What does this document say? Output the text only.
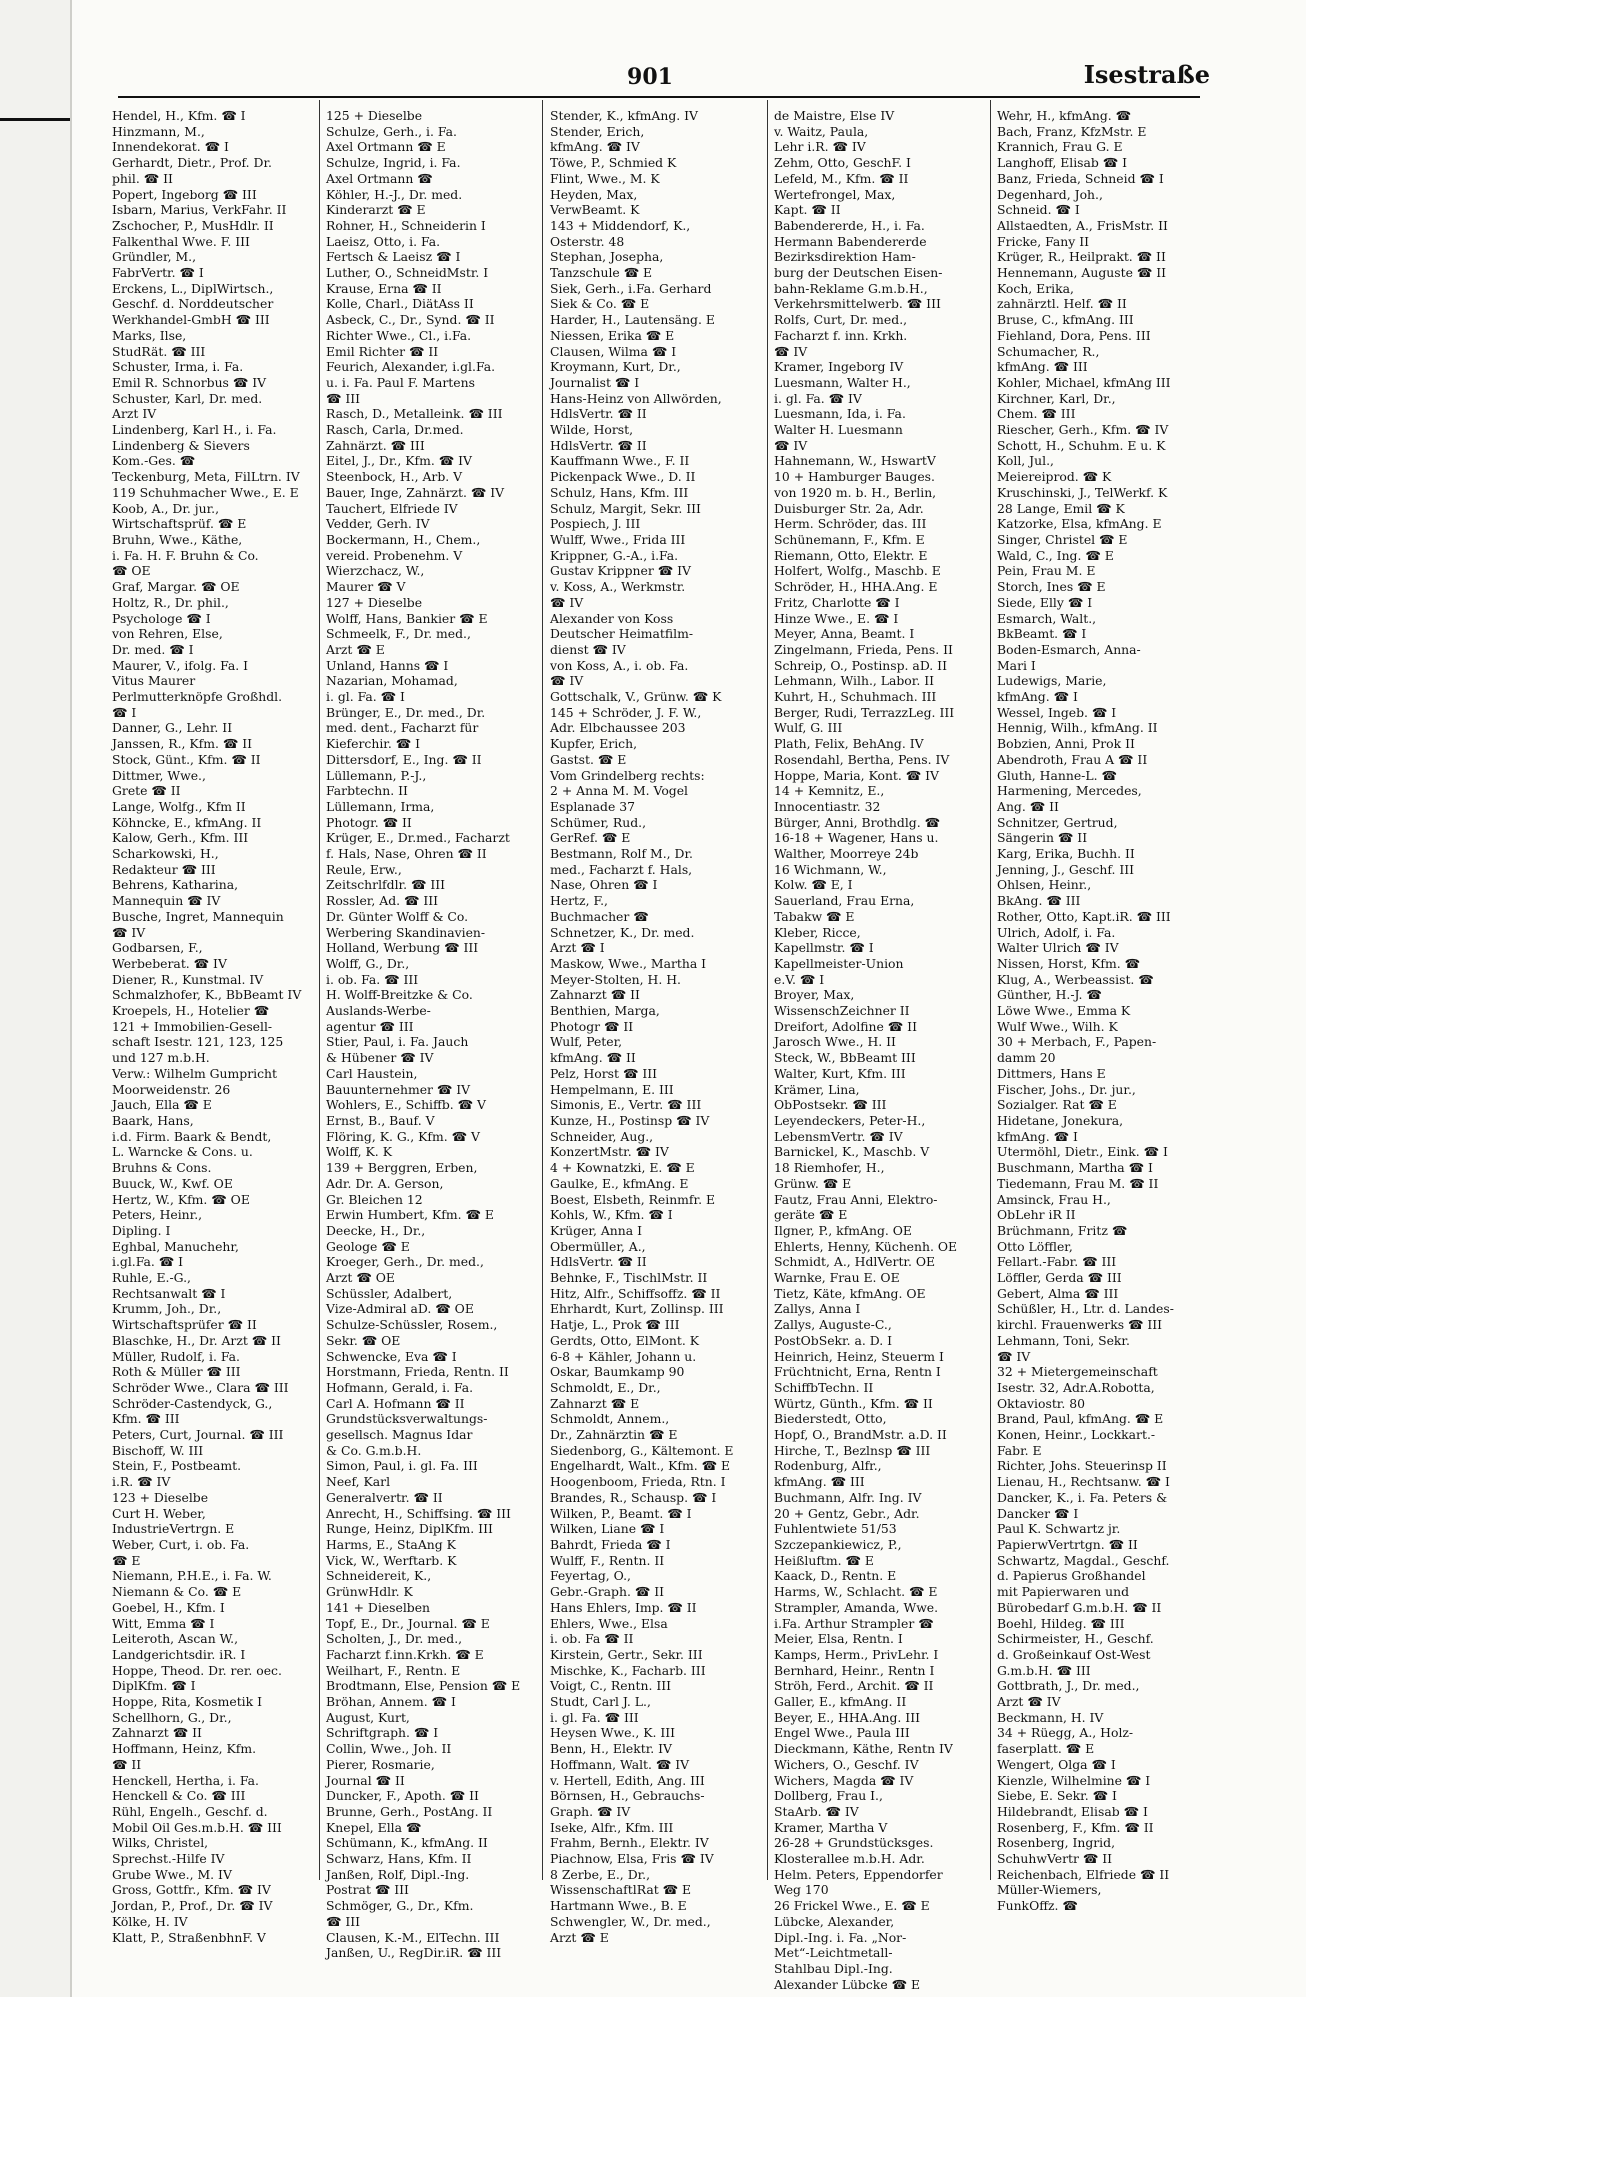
901	Isestraße
Hendel, H., Kfm. ☎ I
Hinzmann, M.,
Innendekorat. ☎ I
Gerhardt, Dietr., Prof. Dr.
phil. ☎ II
Popert, Ingeborg ☎ III
Isbarn, Marius, VerkFahr. II
Zschocher, P., MusHdlr. II
Falkenthal Wwe. F. III
Gründler, M.,
FabrVertr. ☎ I
Erckens, L., DiplWirtsch.,
Geschf. d. Norddeutscher
Werkhandel-GmbH ☎ III
Marks, Ilse,
StudRät. ☎ III
Schuster, Irma, i. Fa.
Emil R. Schnorbus ☎ IV
Schuster, Karl, Dr. med.
Arzt IV
Lindenberg, Karl H., i. Fa.
Lindenberg & Sievers
Kom.-Ges. ☎
Teckenburg, Meta, FilLtrn. IV
119 Schuhmacher Wwe., E. E
Koob, A., Dr. jur.,
Wirtschaftsprüf. ☎ E
Bruhn, Wwe., Käthe,
i. Fa. H. F. Bruhn & Co.
☎ OE
Graf, Margar. ☎ OE
Holtz, R., Dr. phil.,
Psychologe ☎ I
von Rehren, Else,
Dr. med. ☎ I
Maurer, V., ifolg. Fa. I
Vitus Maurer
Perlmutterknöpfe Großhdl.
☎ I
Danner, G., Lehr. II
Janssen, R., Kfm. ☎ II
Stock, Günt., Kfm. ☎ II
Dittmer, Wwe.,
Grete ☎ II
Lange, Wolfg., Kfm II
Köhncke, E., kfmAng. II
Kalow, Gerh., Kfm. III
Scharkowski, H.,
Redakteur ☎ III
Behrens, Katharina,
Mannequin ☎ IV
Busche, Ingret, Mannequin
☎ IV
Godbarsen, F.,
Werbeberat. ☎ IV
Diener, R., Kunstmal. IV
Schmalzhofer, K., BbBeamt IV
Kroepels, H., Hotelier ☎
121 + Immobilien-Gesell-
schaft Isestr. 121, 123, 125
und 127 m.b.H.
Verw.: Wilhelm Gumpricht
Moorweidenstr. 26
Jauch, Ella ☎ E
Baark, Hans,
i.d. Firm. Baark & Bendt,
L. Warncke & Cons. u.
Bruhns & Cons.
Buuck, W., Kwf. OE
Hertz, W., Kfm. ☎ OE
Peters, Heinr.,
Dipling. I
Eghbal, Manuchehr,
i.gl.Fa. ☎ I
Ruhle, E.-G.,
Rechtsanwalt ☎ I
Krumm, Joh., Dr.,
Wirtschaftsprüfer ☎ II
Blaschke, H., Dr. Arzt ☎ II
Müller, Rudolf, i. Fa.
Roth & Müller ☎ III
Schröder Wwe., Clara ☎ III
Schröder-Castendyck, G.,
Kfm. ☎ III
Peters, Curt, Journal. ☎ III
Bischoff, W. III
Stein, F., Postbeamt.
i.R. ☎ IV
123 + Dieselbe
Curt H. Weber,
IndustrieVertrgn. E
Weber, Curt, i. ob. Fa.
☎ E
Niemann, P.H.E., i. Fa. W.
Niemann & Co. ☎ E
Goebel, H., Kfm. I
Witt, Emma ☎ I
Leiteroth, Ascan W.,
Landgerichtsdir. iR. I
Hoppe, Theod. Dr. rer. oec.
DiplKfm. ☎ I
Hoppe, Rita, Kosmetik I
Schellhorn, G., Dr.,
Zahnarzt ☎ II
Hoffmann, Heinz, Kfm.
☎ II
Henckell, Hertha, i. Fa.
Henckell & Co. ☎ III
Rühl, Engelh., Geschf. d.
Mobil Oil Ges.m.b.H. ☎ III
Wilks, Christel,
Sprechst.-Hilfe IV
Grube Wwe., M. IV
Gross, Gottfr., Kfm. ☎ IV
Jordan, P., Prof., Dr. ☎ IV
Kölke, H. IV
Klatt, P., StraßenbhnF. V
125 + Dieselbe
Schulze, Gerh., i. Fa.
Axel Ortmann ☎ E
Schulze, Ingrid, i. Fa.
Axel Ortmann ☎
Köhler, H.-J., Dr. med.
Kinderarzt ☎ E
Rohner, H., Schneiderin I
Laeisz, Otto, i. Fa.
Fertsch & Laeisz ☎ I
Luther, O., SchneidMstr. I
Krause, Erna ☎ II
Kolle, Charl., DiätAss II
Asbeck, C., Dr., Synd. ☎ II
Richter Wwe., Cl., i.Fa.
Emil Richter ☎ II
Feurich, Alexander, i.gl.Fa.
u. i. Fa. Paul F. Martens
☎ III
Rasch, D., Metalleink. ☎ III
Rasch, Carla, Dr.med.
Zahnärzt. ☎ III
Eitel, J., Dr., Kfm. ☎ IV
Steenbock, H., Arb. V
Bauer, Inge, Zahnärzt. ☎ IV
Tauchert, Elfriede IV
Vedder, Gerh. IV
Bockermann, H., Chem.,
vereid. Probenehm. V
Wierzchacz, W.,
Maurer ☎ V
127 + Dieselbe
Wolff, Hans, Bankier ☎ E
Schmeelk, F., Dr. med.,
Arzt ☎ E
Unland, Hanns ☎ I
Nazarian, Mohamad,
i. gl. Fa. ☎ I
Brünger, E., Dr. med., Dr.
med. dent., Facharzt für
Kieferchir. ☎ I
Dittersdorf, E., Ing. ☎ II
Lüllemann, P.-J.,
Farbtechn. II
Lüllemann, Irma,
Photogr. ☎ II
Krüger, E., Dr.med., Facharzt
f. Hals, Nase, Ohren ☎ II
Reule, Erw.,
Zeitschrlfdlr. ☎ III
Rossler, Ad. ☎ III
Dr. Günter Wolff & Co.
Werbering Skandinavien-
Holland, Werbung ☎ III
Wolff, G., Dr.,
i. ob. Fa. ☎ III
H. Wolff-Breitzke & Co.
Auslands-Werbe-
agentur ☎ III
Stier, Paul, i. Fa. Jauch
& Hübener ☎ IV
Carl Haustein,
Bauunternehmer ☎ IV
Wohlers, E., Schiffb. ☎ V
Ernst, B., Bauf. V
Flöring, K. G., Kfm. ☎ V
Wolff, K. K
139 + Berggren, Erben,
Adr. Dr. A. Gerson,
Gr. Bleichen 12
Erwin Humbert, Kfm. ☎ E
Deecke, H., Dr.,
Geologe ☎ E
Kroeger, Gerh., Dr. med.,
Arzt ☎ OE
Schüssler, Adalbert,
Vize-Admiral aD. ☎ OE
Schulze-Schüssler, Rosem.,
Sekr. ☎ OE
Schwencke, Eva ☎ I
Horstmann, Frieda, Rentn. II
Hofmann, Gerald, i. Fa.
Carl A. Hofmann ☎ II
Grundstücksverwaltungs-
gesellsch. Magnus Idar
& Co. G.m.b.H.
Simon, Paul, i. gl. Fa. III
Neef, Karl
Generalvertr. ☎ II
Anrecht, H., Schiffsing. ☎ III
Runge, Heinz, DiplKfm. III
Harms, E., StaAng K
Vick, W., Werftarb. K
Schneidereit, K.,
GrünwHdlr. K
141 + Dieselben
Topf, E., Dr., Journal. ☎ E
Scholten, J., Dr. med.,
Facharzt f.inn.Krkh. ☎ E
Weilhart, F., Rentn. E
Brodtmann, Else, Pension ☎ E
Bröhan, Annem. ☎ I
August, Kurt,
Schriftgraph. ☎ I
Collin, Wwe., Joh. II
Pierer, Rosmarie,
Journal ☎ II
Duncker, F., Apoth. ☎ II
Brunne, Gerh., PostAng. II
Knepel, Ella ☎
Schümann, K., kfmAng. II
Schwarz, Hans, Kfm. II
Janßen, Rolf, Dipl.-Ing.
Postrat ☎ III
Schmöger, G., Dr., Kfm.
☎ III
Clausen, K.-M., ElTechn. III
Janßen, U., RegDir.iR. ☎ III
Stender, K., kfmAng. IV
Stender, Erich,
kfmAng. ☎ IV
Töwe, P., Schmied K
Flint, Wwe., M. K
Heyden, Max,
VerwBeamt. K
143 + Middendorf, K.,
Osterstr. 48
Stephan, Josepha,
Tanzschule ☎ E
Siek, Gerh., i.Fa. Gerhard
Siek & Co. ☎ E
Harder, H., Lautensäng. E
Niessen, Erika ☎ E
Clausen, Wilma ☎ I
Kroymann, Kurt, Dr.,
Journalist ☎ I
Hans-Heinz von Allwörden,
HdlsVertr. ☎ II
Wilde, Horst,
HdlsVertr. ☎ II
Kauffmann Wwe., F. II
Pickenpack Wwe., D. II
Schulz, Hans, Kfm. III
Schulz, Margit, Sekr. III
Pospiech, J. III
Wulff, Wwe., Frida III
Krippner, G.-A., i.Fa.
Gustav Krippner ☎ IV
v. Koss, A., Werkmstr.
☎ IV
Alexander von Koss
Deutscher Heimatfilm-
dienst ☎ IV
von Koss, A., i. ob. Fa.
☎ IV
Gottschalk, V., Grünw. ☎ K
145 + Schröder, J. F. W.,
Adr. Elbchaussee 203
Kupfer, Erich,
Gastst. ☎ E
Vom Grindelberg rechts:
2 + Anna M. M. Vogel
Esplanade 37
Schümer, Rud.,
GerRef. ☎ E
Bestmann, Rolf M., Dr.
med., Facharzt f. Hals,
Nase, Ohren ☎ I
Hertz, F.,
Buchmacher ☎
Schnetzer, K., Dr. med.
Arzt ☎ I
Maskow, Wwe., Martha I
Meyer-Stolten, H. H.
Zahnarzt ☎ II
Benthien, Marga,
Photogr ☎ II
Wulf, Peter,
kfmAng. ☎ II
Pelz, Horst ☎ III
Hempelmann, E. III
Simonis, E., Vertr. ☎ III
Kunze, H., Postinsp ☎ IV
Schneider, Aug.,
KonzertMstr. ☎ IV
4 + Kownatzki, E. ☎ E
Gaulke, E., kfmAng. E
Boest, Elsbeth, Reinmfr. E
Kohls, W., Kfm. ☎ I
Krüger, Anna I
Obermüller, A.,
HdlsVertr. ☎ II
Behnke, F., TischlMstr. II
Hitz, Alfr., Schiffsoffz. ☎ II
Ehrhardt, Kurt, Zollinsp. III
Hatje, L., Prok ☎ III
Gerdts, Otto, ElMont. K
6-8 + Kähler, Johann u.
Oskar, Baumkamp 90
Schmoldt, E., Dr.,
Zahnarzt ☎ E
Schmoldt, Annem.,
Dr., Zahnärztin ☎ E
Siedenborg, G., Kältemont. E
Engelhardt, Walt., Kfm. ☎ E
Hoogenboom, Frieda, Rtn. I
Brandes, R., Schausp. ☎ I
Wilken, P., Beamt. ☎ I
Wilken, Liane ☎ I
Bahrdt, Frieda ☎ I
Wulff, F., Rentn. II
Feyertag, O.,
Gebr.-Graph. ☎ II
Hans Ehlers, Imp. ☎ II
Ehlers, Wwe., Elsa
i. ob. Fa ☎ II
Kirstein, Gertr., Sekr. III
Mischke, K., Facharb. III
Voigt, C., Rentn. III
Studt, Carl J. L.,
i. gl. Fa. ☎ III
Heysen Wwe., K. III
Benn, H., Elektr. IV
Hoffmann, Walt. ☎ IV
v. Hertell, Edith, Ang. III
Börnsen, H., Gebrauchs-
Graph. ☎ IV
Iseke, Alfr., Kfm. III
Frahm, Bernh., Elektr. IV
Piachnow, Elsa, Fris ☎ IV
8 Zerbe, E., Dr.,
WissenschaftlRat ☎ E
Hartmann Wwe., B. E
Schwengler, W., Dr. med.,
Arzt ☎ E
de Maistre, Else IV
v. Waitz, Paula,
Lehr i.R. ☎ IV
Zehm, Otto, GeschF. I
Lefeld, M., Kfm. ☎ II
Wertefrongel, Max,
Kapt. ☎ II
Babendererde, H., i. Fa.
Hermann Babendererde
Bezirksdirektion Ham-
burg der Deutschen Eisen-
bahn-Reklame G.m.b.H.,
Verkehrsmittelwerb. ☎ III
Rolfs, Curt, Dr. med.,
Facharzt f. inn. Krkh.
☎ IV
Kramer, Ingeborg IV
Luesmann, Walter H.,
i. gl. Fa. ☎ IV
Luesmann, Ida, i. Fa.
Walter H. Luesmann
☎ IV
Hahnemann, W., HswartV
10 + Hamburger Bauges.
von 1920 m. b. H., Berlin,
Duisburger Str. 2a, Adr.
Herm. Schröder, das. III
Schünemann, F., Kfm. E
Riemann, Otto, Elektr. E
Holfert, Wolfg., Maschb. E
Schröder, H., HHA.Ang. E
Fritz, Charlotte ☎ I
Hinze Wwe., E. ☎ I
Meyer, Anna, Beamt. I
Zingelmann, Frieda, Pens. II
Schreip, O., Postinsp. aD. II
Lehmann, Wilh., Labor. II
Kuhrt, H., Schuhmach. III
Berger, Rudi, TerrazzLeg. III
Wulf, G. III
Plath, Felix, BehAng. IV
Rosendahl, Bertha, Pens. IV
Hoppe, Maria, Kont. ☎ IV
14 + Kemnitz, E.,
Innocentiastr. 32
Bürger, Anni, Brothdlg. ☎
16-18 + Wagener, Hans u.
Walther, Moorreye 24b
16 Wichmann, W.,
Kolw. ☎ E, I
Sauerland, Frau Erna,
Tabakw ☎ E
Kleber, Ricce,
Kapellmstr. ☎ I
Kapellmeister-Union
e.V. ☎ I
Broyer, Max,
WissenschZeichner II
Dreifort, Adolfine ☎ II
Jarosch Wwe., H. II
Steck, W., BbBeamt III
Walter, Kurt, Kfm. III
Krämer, Lina,
ObPostsekr. ☎ III
Leyendeckers, Peter-H.,
LebensmVertr. ☎ IV
Barnickel, K., Maschb. V
18 Riemhofer, H.,
Grünw. ☎ E
Fautz, Frau Anni, Elektro-
geräte ☎ E
Ilgner, P., kfmAng. OE
Ehlerts, Henny, Küchenh. OE
Schmidt, A., HdlVertr. OE
Warnke, Frau E. OE
Tietz, Käte, kfmAng. OE
Zallys, Anna I
Zallys, Auguste-C.,
PostObSekr. a. D. I
Heinrich, Heinz, Steuerm I
Früchtnicht, Erna, Rentn I
SchiffbTechn. II
Würtz, Günth., Kfm. ☎ II
Biederstedt, Otto,
Hopf, O., BrandMstr. a.D. II
Hirche, T., Bezlnsp ☎ III
Rodenburg, Alfr.,
kfmAng. ☎ III
Buchmann, Alfr. Ing. IV
20 + Gentz, Gebr., Adr.
Fuhlentwiete 51/53
Szczepankiewicz, P.,
Heißluftm. ☎ E
Kaack, D., Rentn. E
Harms, W., Schlacht. ☎ E
Strampler, Amanda, Wwe.
i.Fa. Arthur Strampler ☎
Meier, Elsa, Rentn. I
Kamps, Herm., PrivLehr. I
Bernhard, Heinr., Rentn I
Ströh, Ferd., Archit. ☎ II
Galler, E., kfmAng. II
Beyer, E., HHA.Ang. III
Engel Wwe., Paula III
Dieckmann, Käthe, Rentn IV
Wichers, O., Geschf. IV
Wichers, Magda ☎ IV
Dollberg, Frau I.,
StaArb. ☎ IV
Kramer, Martha V
26-28 + Grundstücksges.
Klosterallee m.b.H. Adr.
Helm. Peters, Eppendorfer
Weg 170
26 Frickel Wwe., E. ☎ E
Lübcke, Alexander,
Dipl.-Ing. i. Fa. „Nor-
Met“-Leichtmetall-
Stahlbau Dipl.-Ing.
Alexander Lübcke ☎ E
Wehr, H., kfmAng. ☎
Bach, Franz, KfzMstr. E
Krannich, Frau G. E
Langhoff, Elisab ☎ I
Banz, Frieda, Schneid ☎ I
Degenhard, Joh.,
Schneid. ☎ I
Allstaedten, A., FrisMstr. II
Fricke, Fany II
Krüger, R., Heilprakt. ☎ II
Hennemann, Auguste ☎ II
Koch, Erika,
zahnärztl. Helf. ☎ II
Bruse, C., kfmAng. III
Fiehland, Dora, Pens. III
Schumacher, R.,
kfmAng. ☎ III
Kohler, Michael, kfmAng III
Kirchner, Karl, Dr.,
Chem. ☎ III
Riescher, Gerh., Kfm. ☎ IV
Schott, H., Schuhm. E u. K
Koll, Jul.,
Meiereiprod. ☎ K
Kruschinski, J., TelWerkf. K
28 Lange, Emil ☎ K
Katzorke, Elsa, kfmAng. E
Singer, Christel ☎ E
Wald, C., Ing. ☎ E
Pein, Frau M. E
Storch, Ines ☎ E
Siede, Elly ☎ I
Esmarch, Walt.,
BkBeamt. ☎ I
Boden-Esmarch, Anna-
Mari I
Ludewigs, Marie,
kfmAng. ☎ I
Wessel, Ingeb. ☎ I
Hennig, Wilh., kfmAng. II
Bobzien, Anni, Prok II
Abendroth, Frau A ☎ II
Gluth, Hanne-L. ☎
Harmening, Mercedes,
Ang. ☎ II
Schnitzer, Gertrud,
Sängerin ☎ II
Karg, Erika, Buchh. II
Jenning, J., Geschf. III
Ohlsen, Heinr.,
BkAng. ☎ III
Rother, Otto, Kapt.iR. ☎ III
Ulrich, Adolf, i. Fa.
Walter Ulrich ☎ IV
Nissen, Horst, Kfm. ☎
Klug, A., Werbeassist. ☎
Günther, H.-J. ☎
Löwe Wwe., Emma K
Wulf Wwe., Wilh. K
30 + Merbach, F., Papen-
damm 20
Dittmers, Hans E
Fischer, Johs., Dr. jur.,
Sozialger. Rat ☎ E
Hidetane, Jonekura,
kfmAng. ☎ I
Utermöhl, Dietr., Eink. ☎ I
Buschmann, Martha ☎ I
Tiedemann, Frau M. ☎ II
Amsinck, Frau H.,
ObLehr iR II
Brüchmann, Fritz ☎
Otto Löffler,
Fellart.-Fabr. ☎ III
Löffler, Gerda ☎ III
Gebert, Alma ☎ III
Schüßler, H., Ltr. d. Landes-
kirchl. Frauenwerks ☎ III
Lehmann, Toni, Sekr.
☎ IV
32 + Mietergemeinschaft
Isestr. 32, Adr.A.Robotta,
Oktaviostr. 80
Brand, Paul, kfmAng. ☎ E
Konen, Heinr., Lockkart.-
Fabr. E
Richter, Johs. Steuerinsp II
Lienau, H., Rechtsanw. ☎ I
Dancker, K., i. Fa. Peters &
Dancker ☎ I
Paul K. Schwartz jr.
PapierwVertrtgn. ☎ II
Schwartz, Magdal., Geschf.
d. Papierus Großhandel
mit Papierwaren und
Bürobedarf G.m.b.H. ☎ II
Boehl, Hildeg. ☎ III
Schirmeister, H., Geschf.
d. Großeinkauf Ost-West
G.m.b.H. ☎ III
Gottbrath, J., Dr. med.,
Arzt ☎ IV
Beckmann, H. IV
34 + Rüegg, A., Holz-
faserplatt. ☎ E
Wengert, Olga ☎ I
Kienzle, Wilhelmine ☎ I
Siebe, E. Sekr. ☎ I
Hildebrandt, Elisab ☎ I
Rosenberg, F., Kfm. ☎ II
Rosenberg, Ingrid,
SchuhwVertr ☎ II
Reichenbach, Elfriede ☎ II
Müller-Wiemers,
FunkOffz. ☎
